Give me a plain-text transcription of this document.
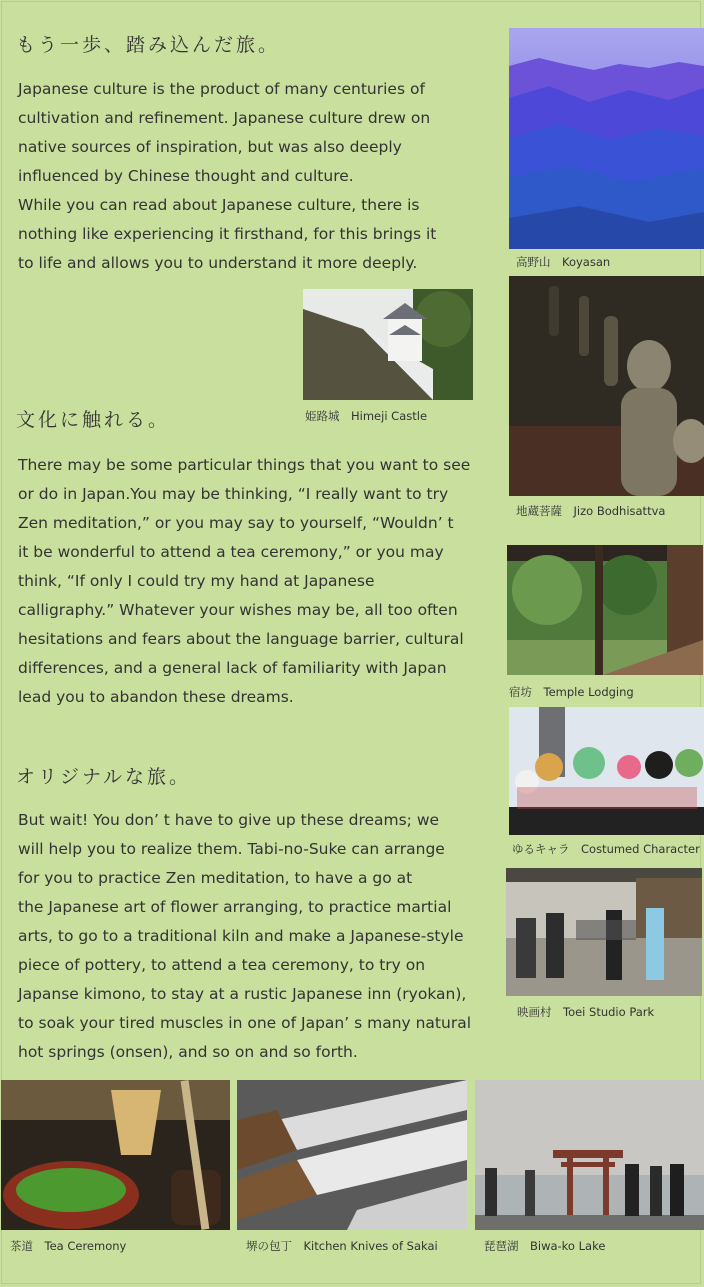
もう一歩、踏み込んだ旅。

Japanese culture is the product of many centuries of
cultivation and refinement. Japanese culture drew on
native sources of inspiration, but was also deeply
influenced by Chinese thought and culture.
While you can read about Japanese culture, there is
nothing like experiencing it firsthand, for this brings it
to life and allows you to understand it more deeply.

文化に触れる。

There may be some particular things that you want to see
or do in Japan.You may be thinking, “I really want to try
Zen meditation,” or you may say to yourself, “Wouldn’ t
it be wonderful to attend a tea ceremony,” or you may
think, “If only I could try my hand at Japanese
calligraphy.” Whatever your wishes may be, all too often
hesitations and fears about the language barrier, cultural
differences, and a general lack of familiarity with Japan
lead you to abandon these dreams.

オリジナルな旅。

But wait! You don’ t have to give up these dreams; we
will help you to realize them. Tabi-no-Suke can arrange
for you to practice Zen meditation, to have a go at
the Japanese art of flower arranging, to practice martial
arts, to go to a traditional kiln and make a Japanese-style
piece of pottery, to attend a tea ceremony, to try on
Japanse kimono, to stay at a rustic Japanese inn (ryokan),
to soak your tired muscles in one of Japan’ s many natural
hot springs (onsen), and so on and so forth.

高野山　Koyasan
姫路城　Himeji Castle
地蔵菩薩　Jizo Bodhisattva
宿坊　Temple Lodging
ゆるキャラ　Costumed Character
映画村　Toei Studio Park
茶道　Tea Ceremony	堺の包丁　Kitchen Knives of Sakai	琵琶湖　Biwa-ko Lake
